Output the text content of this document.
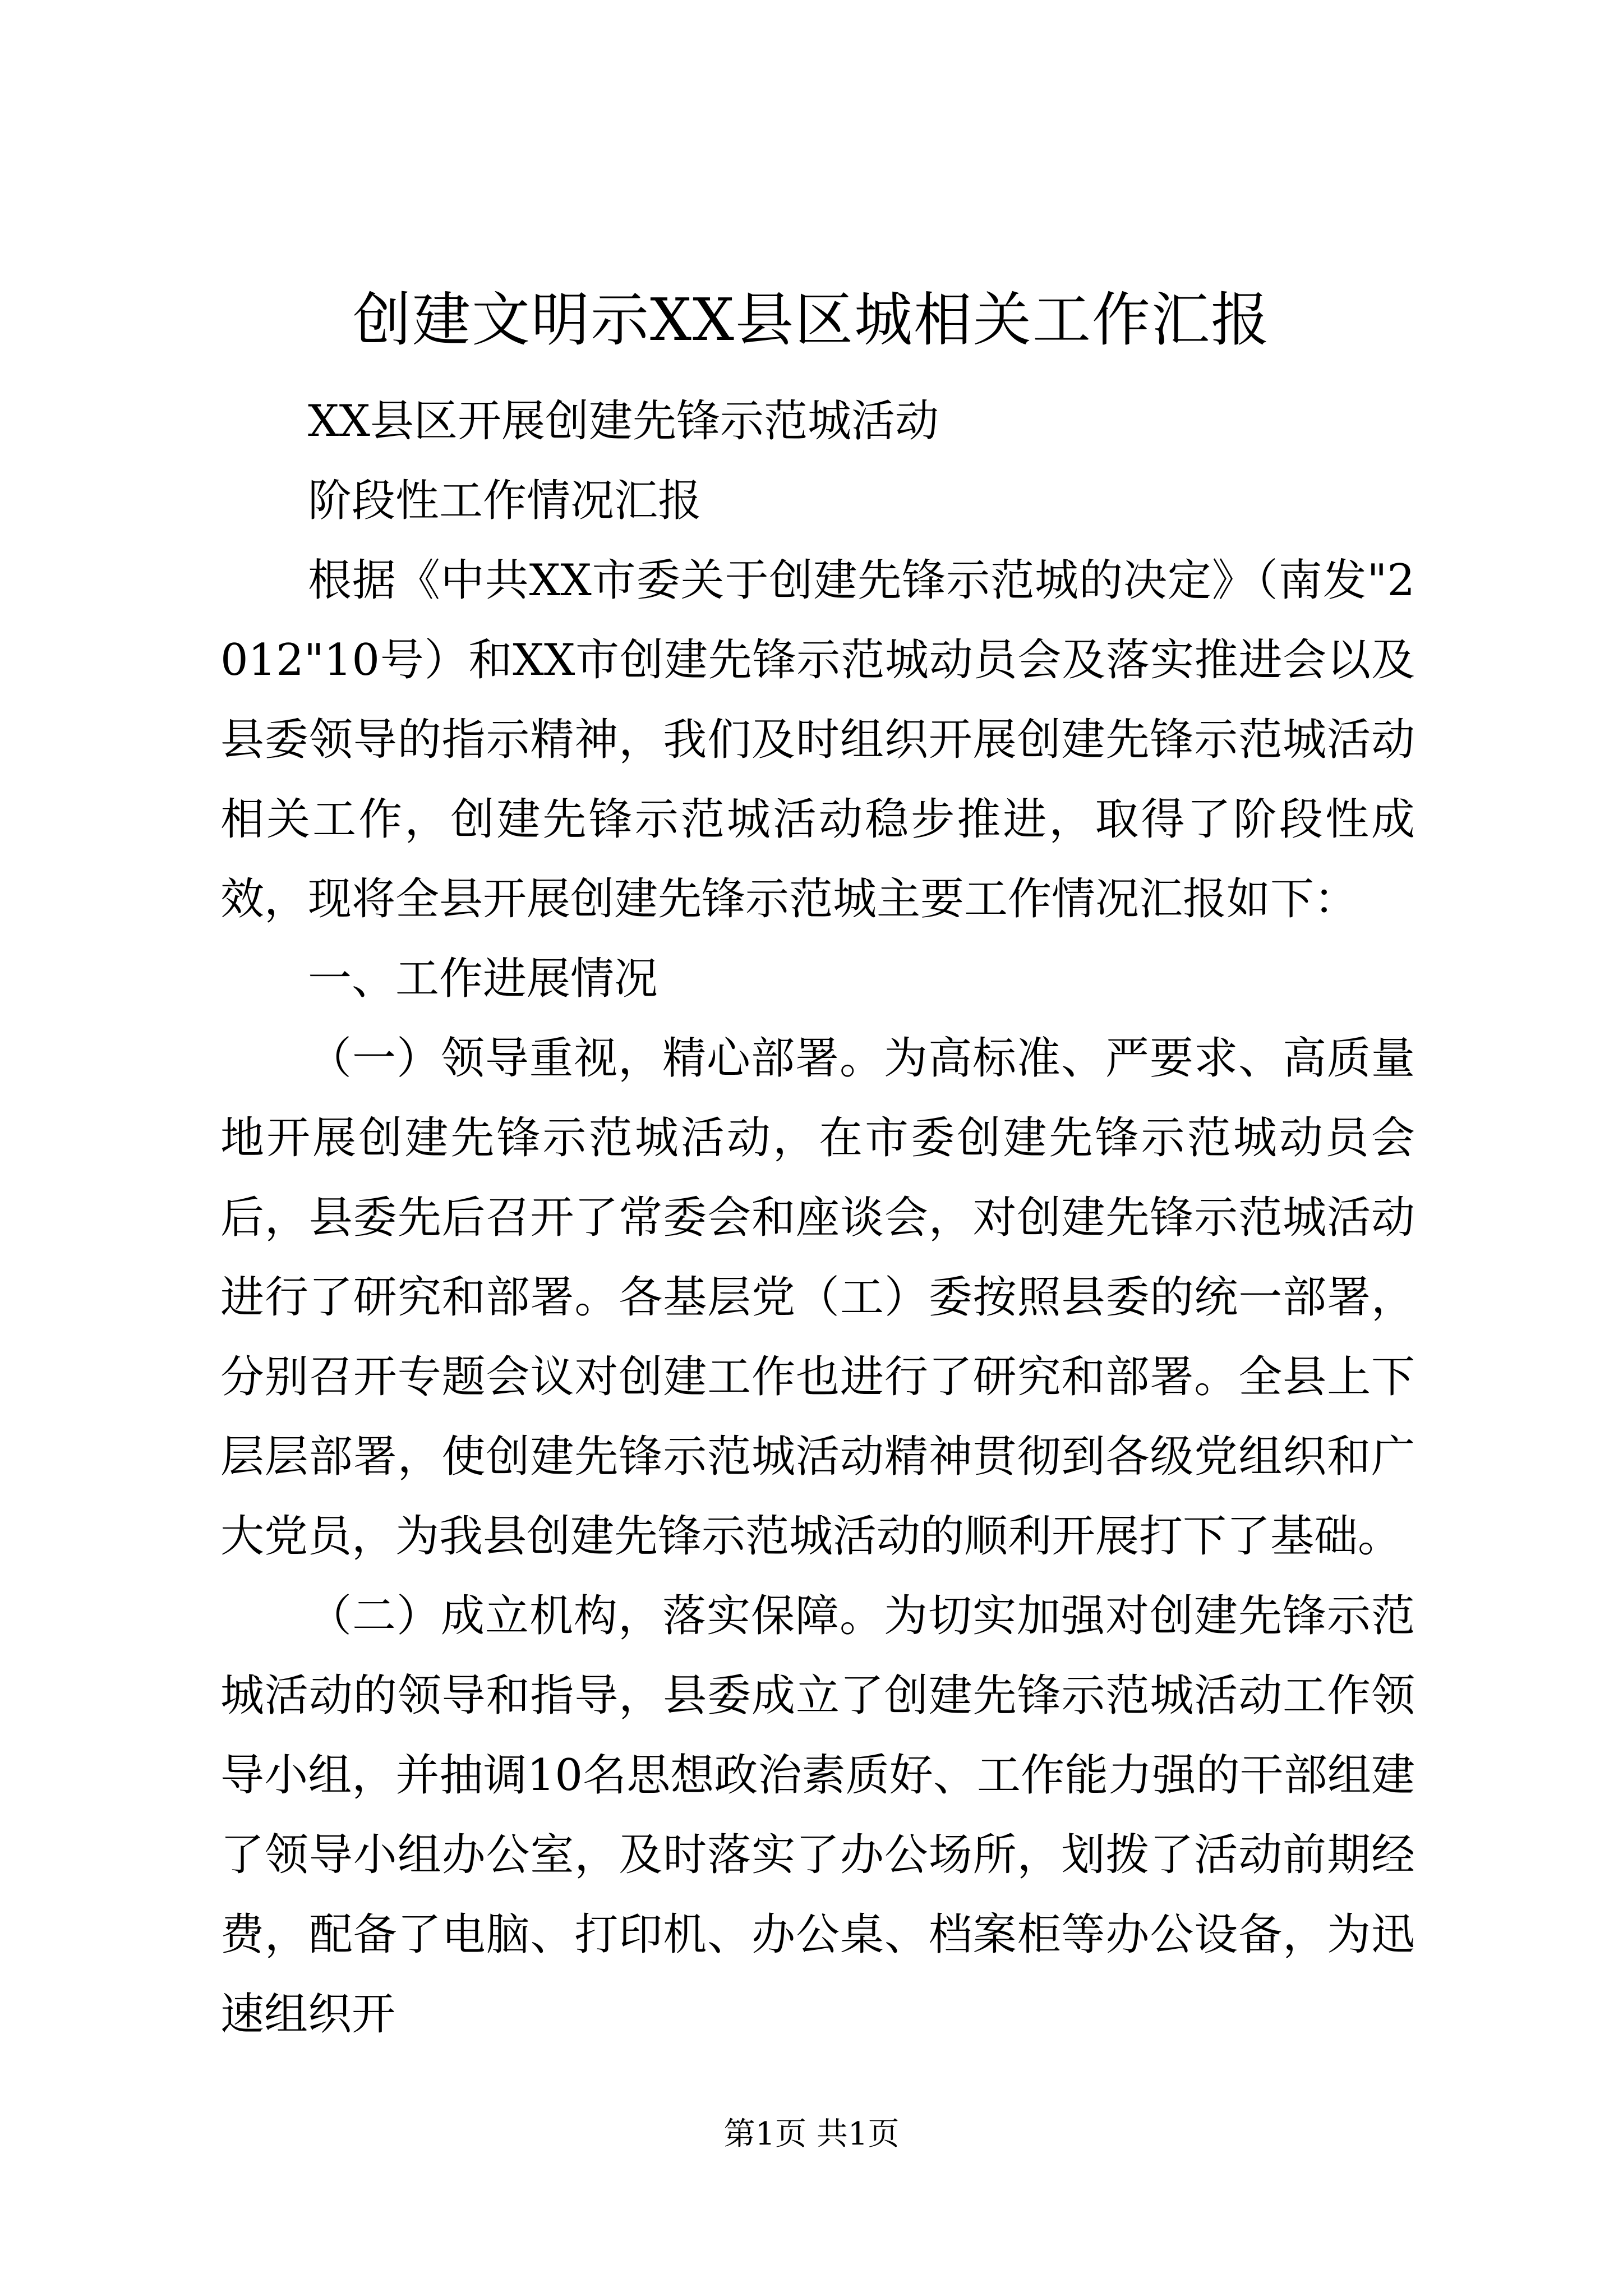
创建文明示XX县区城相关工作汇报

XX县区开展创建先锋示范城活动

阶段性工作情况汇报

根据《中共XX市委关于创建先锋示范城的决定》（南发"2012"10号）和XX市创建先锋示范城动员会及落实推进会以及县委领导的指示精神，我们及时组织开展创建先锋示范城活动相关工作，创建先锋示范城活动稳步推进，取得了阶段性成效，现将全县开展创建先锋示范城主要工作情况汇报如下：

一、工作进展情况

（一）领导重视，精心部署。为高标准、严要求、高质量地开展创建先锋示范城活动，在市委创建先锋示范城动员会后，县委先后召开了常委会和座谈会，对创建先锋示范城活动进行了研究和部署。各基层党（工）委按照县委的统一部署，分别召开专题会议对创建工作也进行了研究和部署。全县上下层层部署，使创建先锋示范城活动精神贯彻到各级党组织和广大党员，为我县创建先锋示范城活动的顺利开展打下了基础。

（二）成立机构，落实保障。为切实加强对创建先锋示范城活动的领导和指导，县委成立了创建先锋示范城活动工作领导小组，并抽调10名思想政治素质好、工作能力强的干部组建了领导小组办公室，及时落实了办公场所，划拨了活动前期经费，配备了电脑、打印机、办公桌、档案柜等办公设备，为迅速组织开

第1页 共1页
